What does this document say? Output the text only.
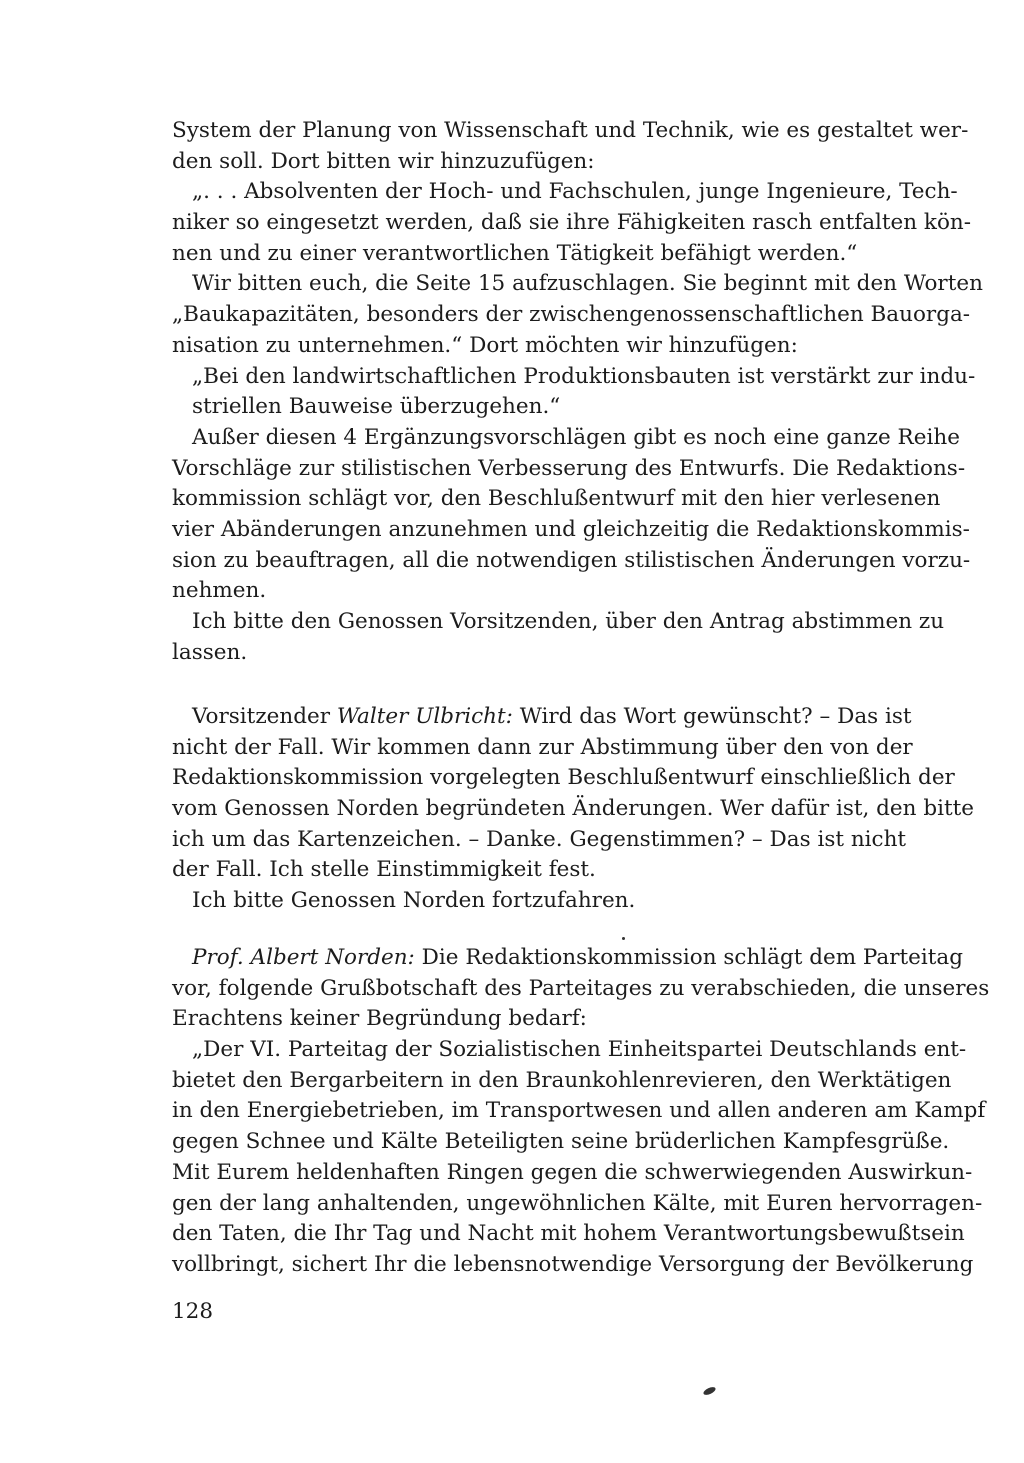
System der Planung von Wissenschaft und Technik, wie es gestaltet wer-
den soll. Dort bitten wir hinzuzufügen:
„. . . Absolventen der Hoch- und Fachschulen, junge Ingenieure, Tech-
niker so eingesetzt werden, daß sie ihre Fähigkeiten rasch entfalten kön-
nen und zu einer verantwortlichen Tätigkeit befähigt werden.“
Wir bitten euch, die Seite 15 aufzuschlagen. Sie beginnt mit den Worten
„Baukapazitäten, besonders der zwischengenossenschaftlichen Bauorga-
nisation zu unternehmen.“ Dort möchten wir hinzufügen:
„Bei den landwirtschaftlichen Produktionsbauten ist verstärkt zur indu-
striellen Bauweise überzugehen.“
Außer diesen 4 Ergänzungsvorschlägen gibt es noch eine ganze Reihe
Vorschläge zur stilistischen Verbesserung des Entwurfs. Die Redaktions-
kommission schlägt vor, den Beschlußentwurf mit den hier verlesenen
vier Abänderungen anzunehmen und gleichzeitig die Redaktionskommis-
sion zu beauftragen, all die notwendigen stilistischen Änderungen vorzu-
nehmen.
Ich bitte den Genossen Vorsitzenden, über den Antrag abstimmen zu
lassen.
Vorsitzender Walter Ulbricht: Wird das Wort gewünscht? – Das ist
nicht der Fall. Wir kommen dann zur Abstimmung über den von der
Redaktionskommission vorgelegten Beschlußentwurf einschließlich der
vom Genossen Norden begründeten Änderungen. Wer dafür ist, den bitte
ich um das Kartenzeichen. – Danke. Gegenstimmen? – Das ist nicht
der Fall. Ich stelle Einstimmigkeit fest.
Ich bitte Genossen Norden fortzufahren.
Prof. Albert Norden: Die Redaktionskommission schlägt dem Parteitag
vor, folgende Grußbotschaft des Parteitages zu verabschieden, die unseres
Erachtens keiner Begründung bedarf:
„Der VI. Parteitag der Sozialistischen Einheitspartei Deutschlands ent-
bietet den Bergarbeitern in den Braunkohlenrevieren, den Werktätigen
in den Energiebetrieben, im Transportwesen und allen anderen am Kampf
gegen Schnee und Kälte Beteiligten seine brüderlichen Kampfesgrüße.
Mit Eurem heldenhaften Ringen gegen die schwerwiegenden Auswirkun-
gen der lang anhaltenden, ungewöhnlichen Kälte, mit Euren hervorragen-
den Taten, die Ihr Tag und Nacht mit hohem Verantwortungsbewußtsein
vollbringt, sichert Ihr die lebensnotwendige Versorgung der Bevölkerung
128
